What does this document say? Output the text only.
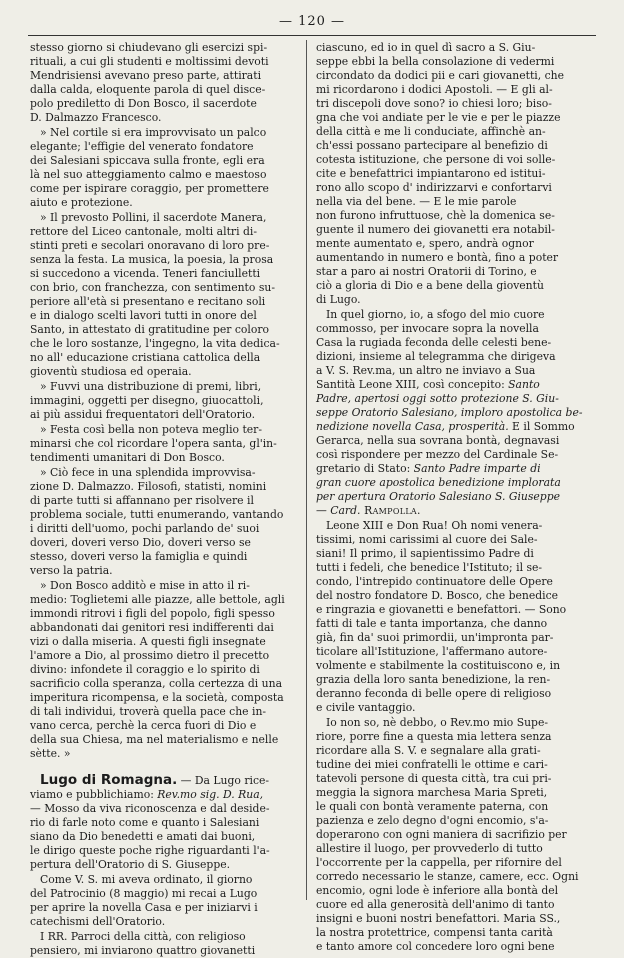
— 120 —

stesso giorno si chiudevano gli esercizi spi-
rituali, a cui gli studenti e moltissimi devoti
Mendrisiensi avevano preso parte, attirati
dalla calda, eloquente parola di quel disce-
polo prediletto di Don Bosco, il sacerdote
D. Dalmazzo Francesco.

» Nel cortile si era improvvisato un palco
elegante; l'effigie del venerato fondatore
dei Salesiani spiccava sulla fronte, egli era
là nel suo atteggiamento calmo e maestoso
come per ispirare coraggio, per promettere
aiuto e protezione.

» Il prevosto Pollini, il sacerdote Manera,
rettore del Liceo cantonale, molti altri di-
stinti preti e secolari onoravano di loro pre-
senza la festa. La musica, la poesia, la prosa
si succedono a vicenda. Teneri fanciulletti
con brio, con franchezza, con sentimento su-
periore all'età si presentano e recitano soli
e in dialogo scelti lavori tutti in onore del
Santo, in attestato di gratitudine per coloro
che le loro sostanze, l'ingegno, la vita dedica-
no all' educazione cristiana cattolica della
gioventù studiosa ed operaia.

» Fuvvi una distribuzione di premi, libri,
immagini, oggetti per disegno, giuocattoli,
ai più assidui frequentatori dell'Oratorio.

» Festa così bella non poteva meglio ter-
minarsi che col ricordare l'opera santa, gl'in-
tendimenti umanitari di Don Bosco.

» Ciò fece in una splendida improvvisa-
zione D. Dalmazzo. Filosofi, statisti, nomini
di parte tutti si affannano per risolvere il
problema sociale, tutti enumerando, vantando
i diritti dell'uomo, pochi parlando de' suoi
doveri, doveri verso Dio, doveri verso se
stesso, doveri verso la famiglia e quindi
verso la patria.

» Don Bosco additò e mise in atto il ri-
medio: Toglietemi alle piazze, alle bettole, agli
immondi ritrovi i figli del popolo, figli spesso
abbandonati dai genitori resi indifferenti dai
vizi o dalla miseria. A questi figli insegnate
l'amore a Dio, al prossimo dietro il precetto
divino: infondete il coraggio e lo spirito di
sacrificio colla speranza, colla certezza di una
imperitura ricompensa, e la società, composta
di tali individui, troverà quella pace che in-
vano cerca, perchè la cerca fuori di Dio e
della sua Chiesa, ma nel materialismo e nelle
sètte. »

Lugo di Romagna. — Da Lugo rice-
viamo e pubblichiamo: Rev.mo sig. D. Rua,
— Mosso da viva riconoscenza e dal deside-
rio di farle noto come e quanto i Salesiani
siano da Dio benedetti e amati dai buoni,
le dirigo queste poche righe riguardanti l'a-
pertura dell'Oratorio di S. Giuseppe.

Come V. S. mi aveva ordinato, il giorno
del Patrocinio (8 maggio) mi recai a Lugo
per aprire la novella Casa e per iniziarvi i
catechismi dell'Oratorio.

I RR. Parroci della città, con religioso
pensiero, mi inviarono quattro giovanetti

ciascuno, ed io in quel dì sacro a S. Giu-
seppe ebbi la bella consolazione di vedermi
circondato da dodici pii e cari giovanetti, che
mi ricordarono i dodici Apostoli. — E gli al-
tri discepoli dove sono? io chiesi loro; biso-
gna che voi andiate per le vie e per le piazze
della città e me li conduciate, affinchè an-
ch'essi possano partecipare al benefizio di
cotesta istituzione, che persone di voi solle-
cite e benefattrici impiantarono ed istitui-
rono allo scopo d' indirizzarvi e confortarvi
nella via del bene. — E le mie parole
non furono infruttuose, chè la domenica se-
guente il numero dei giovanetti era notabil-
mente aumentato e, spero, andrà ognor
aumentando in numero e bontà, fino a poter
star a paro ai nostri Oratorii di Torino, e
ciò a gloria di Dio e a bene della gioventù
di Lugo.

In quel giorno, io, a sfogo del mio cuore
commosso, per invocare sopra la novella
Casa la rugiada feconda delle celesti bene-
dizioni, insieme al telegramma che dirigeva
a V. S. Rev.ma, un altro ne inviavo a Sua
Santità Leone XIII, così concepito: Santo
Padre, apertosi oggi sotto protezione S. Giu-
seppe Oratorio Salesiano, imploro apostolica be-
nedizione novella Casa, prosperità. E il Sommo
Gerarca, nella sua sovrana bontà, degnavasi
così rispondere per mezzo del Cardinale Se-
gretario di Stato: Santo Padre imparte di
gran cuore apostolica benedizione implorata
per apertura Oratorio Salesiano S. Giuseppe
— Card. Rampolla.

Leone XIII e Don Rua! Oh nomi venera-
tissimi, nomi carissimi al cuore dei Sale-
siani! Il primo, il sapientissimo Padre di
tutti i fedeli, che benedice l'Istituto; il se-
condo, l'intrepido continuatore delle Opere
del nostro fondatore D. Bosco, che benedice
e ringrazia e giovanetti e benefattori. — Sono
fatti di tale e tanta importanza, che danno
già, fin da' suoi primordii, un'impronta par-
ticolare all'Istituzione, l'affermano autore-
volmente e stabilmente la costituiscono e, in
grazia della loro santa benedizione, la ren-
deranno feconda di belle opere di religioso
e civile vantaggio.

Io non so, nè debbo, o Rev.mo mio Supe-
riore, porre fine a questa mia lettera senza
ricordare alla S. V. e segnalare alla grati-
tudine dei miei confratelli le ottime e cari-
tatevoli persone di questa città, tra cui pri-
meggia la signora marchesa Maria Spreti,
le quali con bontà veramente paterna, con
pazienza e zelo degno d'ogni encomio, s'a-
doperarono con ogni maniera di sacrifizio per
allestire il luogo, per provvederlo di tutto
l'occorrente per la cappella, per rifornire del
corredo necessario le stanze, camere, ecc. Ogni
encomio, ogni lode è inferiore alla bontà del
cuore ed alla generosità dell'animo di tanto
insigni e buoni nostri benefattori. Maria SS.,
la nostra protettrice, compensi tanta carità
e tanto amore col concedere loro ogni bene
